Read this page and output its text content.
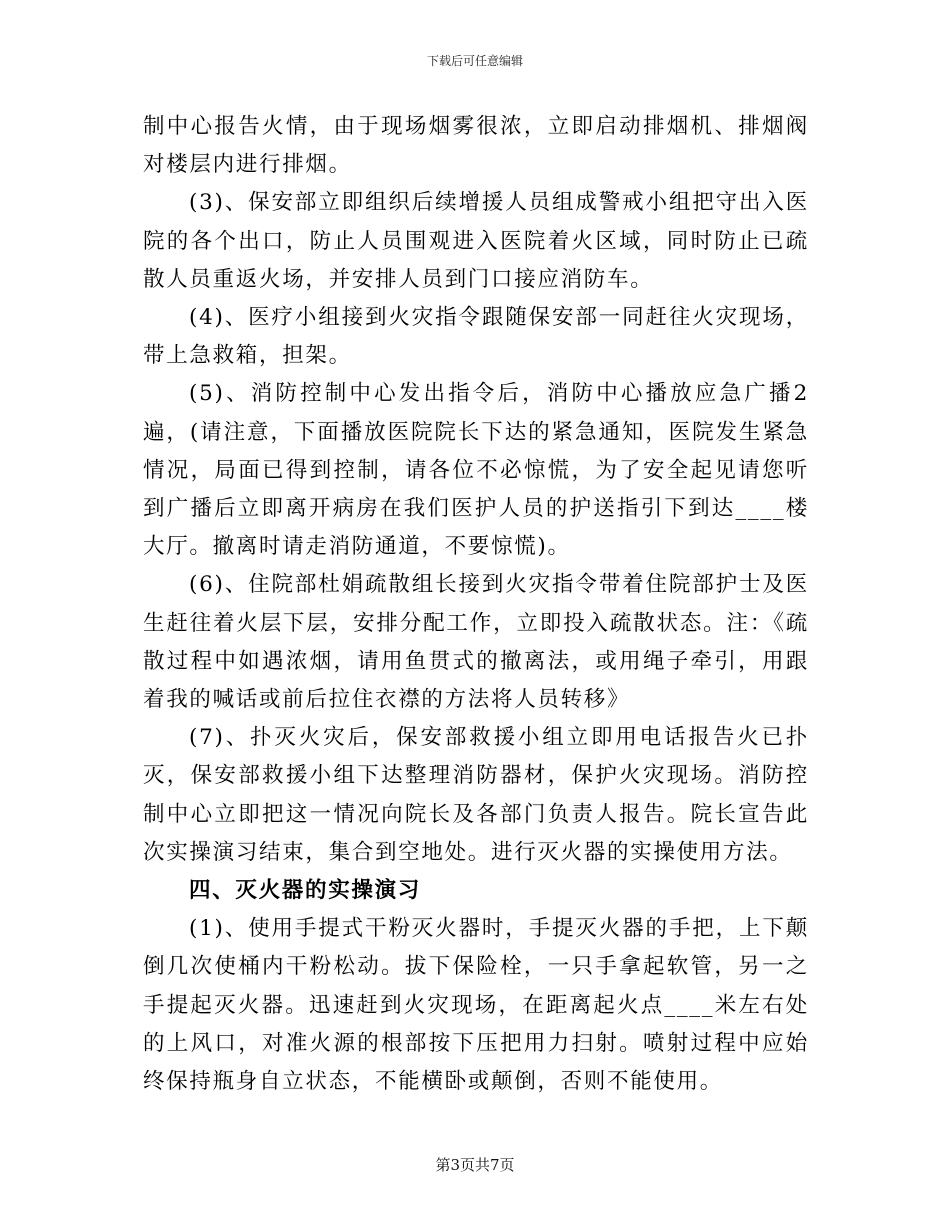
下载后可任意编辑

制中心报告火情，由于现场烟雾很浓，立即启动排烟机、排烟阀对楼层内进行排烟。

(3)、保安部立即组织后续增援人员组成警戒小组把守出入医院的各个出口，防止人员围观进入医院着火区域，同时防止已疏散人员重返火场，并安排人员到门口接应消防车。

(4)、医疗小组接到火灾指令跟随保安部一同赶往火灾现场，带上急救箱，担架。

(5)、消防控制中心发出指令后，消防中心播放应急广播2遍，(请注意，下面播放医院院长下达的紧急通知，医院发生紧急情况，局面已得到控制，请各位不必惊慌，为了安全起见请您听到广播后立即离开病房在我们医护人员的护送指引下到达____楼大厅。撤离时请走消防通道，不要惊慌)。

(6)、住院部杜娟疏散组长接到火灾指令带着住院部护士及医生赶往着火层下层，安排分配工作，立即投入疏散状态。注：《疏散过程中如遇浓烟，请用鱼贯式的撤离法，或用绳子牵引，用跟着我的喊话或前后拉住衣襟的方法将人员转移》

(7)、扑灭火灾后，保安部救援小组立即用电话报告火已扑灭，保安部救援小组下达整理消防器材，保护火灾现场。消防控制中心立即把这一情况向院长及各部门负责人报告。院长宣告此次实操演习结束，集合到空地处。进行灭火器的实操使用方法。

四、灭火器的实操演习

(1)、使用手提式干粉灭火器时，手提灭火器的手把，上下颠倒几次使桶内干粉松动。拔下保险栓，一只手拿起软管，另一之手提起灭火器。迅速赶到火灾现场，在距离起火点____米左右处的上风口，对准火源的根部按下压把用力扫射。喷射过程中应始终保持瓶身自立状态，不能横卧或颠倒，否则不能使用。

第3页共7页
